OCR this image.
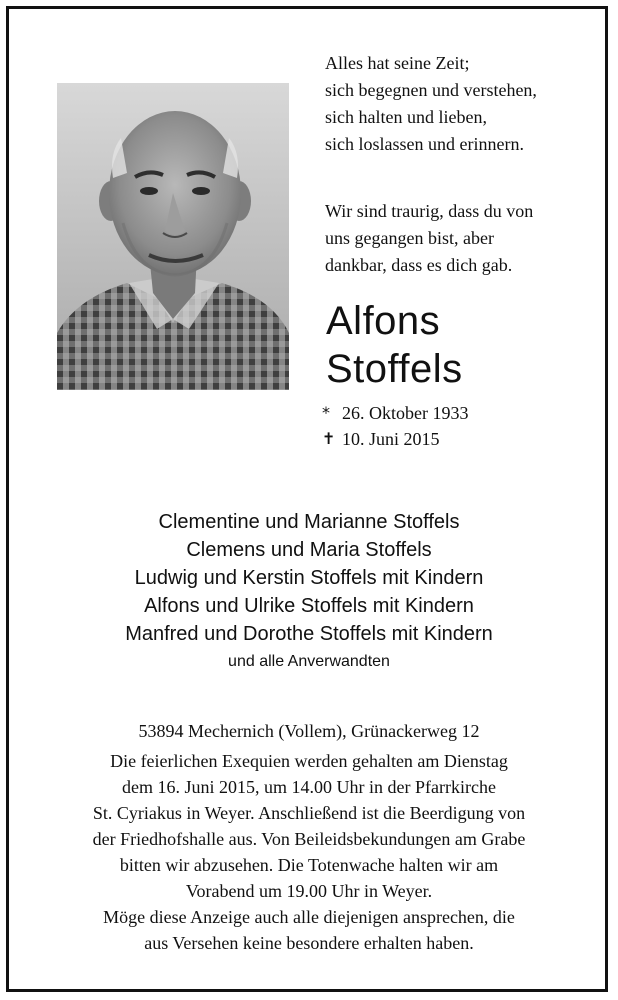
Alles hat seine Zeit;
sich begegnen und verstehen,
sich halten und lieben,
sich loslassen und erinnern.
Wir sind traurig, dass du von
uns gegangen bist, aber
dankbar, dass es dich gab.
Alfons
Stoffels
* 26. Oktober 1933
✝ 10. Juni 2015
Clementine und Marianne Stoffels
Clemens und Maria Stoffels
Ludwig und Kerstin Stoffels mit Kindern
Alfons und Ulrike Stoffels mit Kindern
Manfred und Dorothe Stoffels mit Kindern
und alle Anverwandten
53894 Mechernich (Vollem), Grünackerweg 12
Die feierlichen Exequien werden gehalten am Dienstag
dem 16. Juni 2015, um 14.00 Uhr in der Pfarrkirche
St. Cyriakus in Weyer. Anschließend ist die Beerdigung von
der Friedhofshalle aus. Von Beileidsbekundungen am Grabe
bitten wir abzusehen. Die Totenwache halten wir am
Vorabend um 19.00 Uhr in Weyer.
Möge diese Anzeige auch alle diejenigen ansprechen, die
aus Versehen keine besondere erhalten haben.
